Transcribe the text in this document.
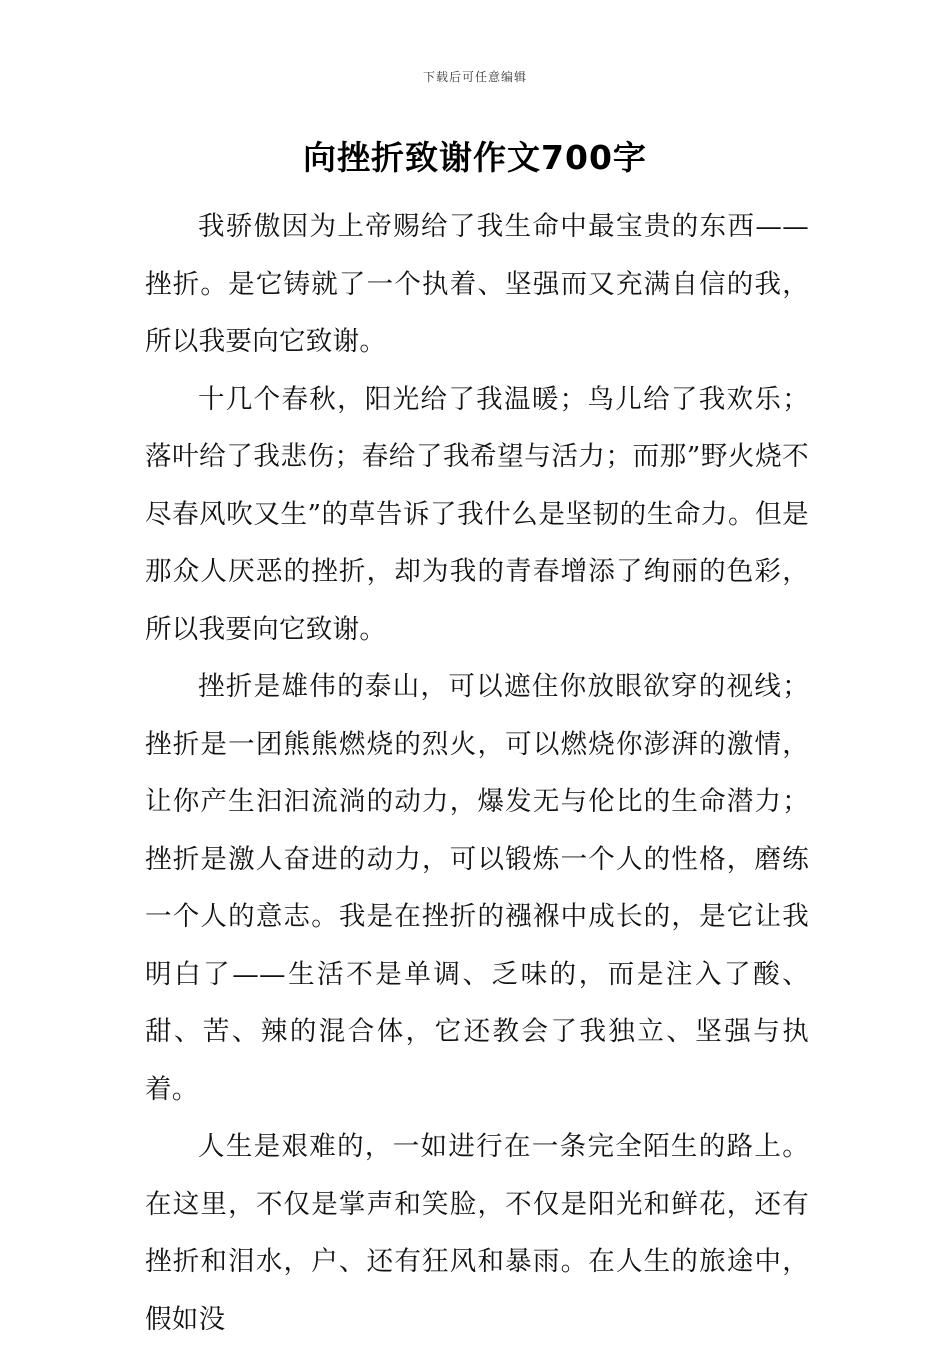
下载后可任意编辑
向挫折致谢作文700字

我骄傲因为上帝赐给了我生命中最宝贵的东西——挫折。是它铸就了一个执着、坚强而又充满自信的我，所以我要向它致谢。

十几个春秋，阳光给了我温暖；鸟儿给了我欢乐；落叶给了我悲伤；春给了我希望与活力；而那”野火烧不尽春风吹又生”的草告诉了我什么是坚韧的生命力。但是那众人厌恶的挫折，却为我的青春增添了绚丽的色彩，所以我要向它致谢。

挫折是雄伟的泰山，可以遮住你放眼欲穿的视线；挫折是一团熊熊燃烧的烈火，可以燃烧你澎湃的激情，让你产生汩汩流淌的动力，爆发无与伦比的生命潜力；挫折是激人奋进的动力，可以锻炼一个人的性格，磨练一个人的意志。我是在挫折的襁褓中成长的，是它让我明白了——生活不是单调、乏味的，而是注入了酸、甜、苦、辣的混合体，它还教会了我独立、坚强与执着。

人生是艰难的，一如进行在一条完全陌生的路上。在这里，不仅是掌声和笑脸，不仅是阳光和鲜花，还有挫折和泪水，户、还有狂风和暴雨。在人生的旅途中，假如没
